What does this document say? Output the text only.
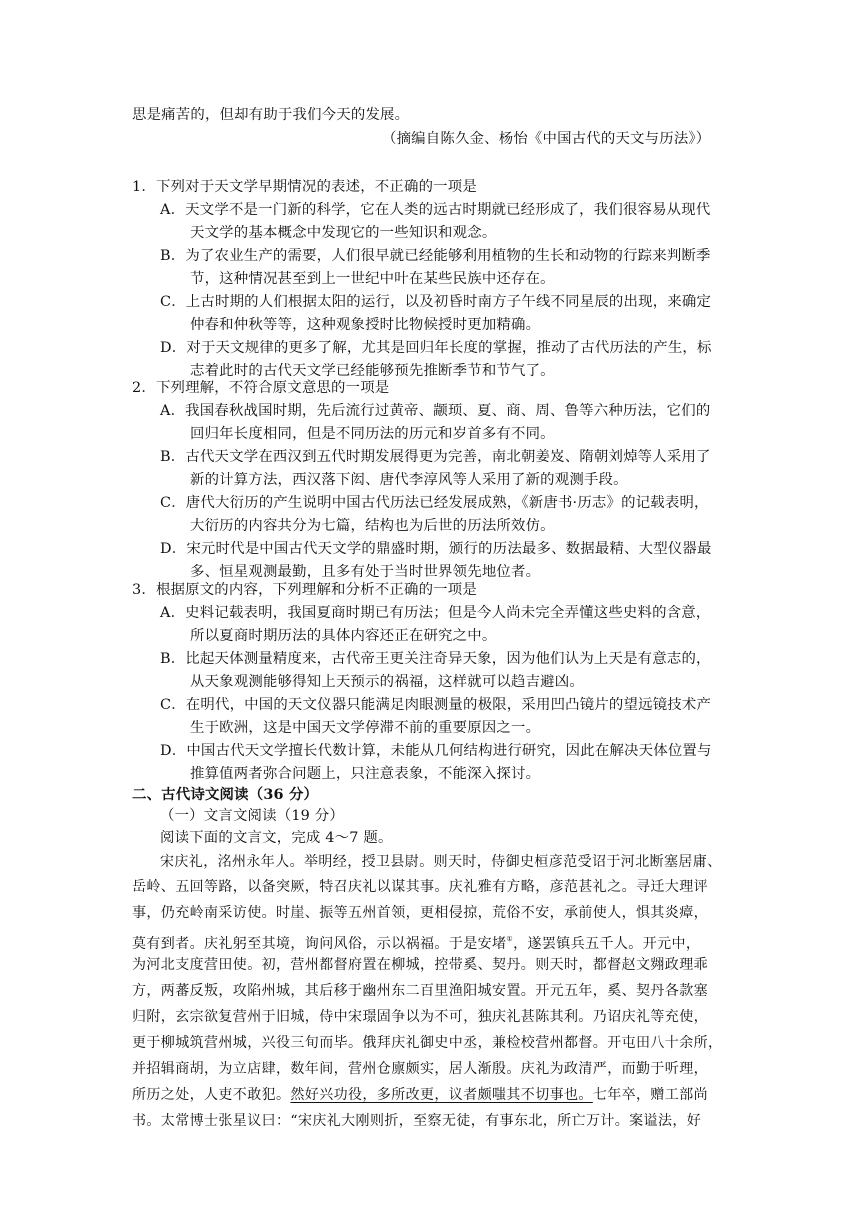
思是痛苦的，但却有助于我们今天的发展。
（摘编自陈久金、杨怡《中国古代的天文与历法》）
1．下列对于天文学早期情况的表述，不正确的一项是
A．天文学不是一门新的科学，它在人类的远古时期就已经形成了，我们很容易从现代
天文学的基本概念中发现它的一些知识和观念。
B．为了农业生产的需要，人们很早就已经能够利用植物的生长和动物的行踪来判断季
节，这种情况甚至到上一世纪中叶在某些民族中还存在。
C．上古时期的人们根据太阳的运行，以及初昏时南方子午线不同星辰的出现，来确定
仲春和仲秋等等，这种观象授时比物候授时更加精确。
D．对于天文规律的更多了解，尤其是回归年长度的掌握，推动了古代历法的产生，标
志着此时的古代天文学已经能够预先推断季节和节气了。
2．下列理解，不符合原文意思的一项是
A．我国春秋战国时期，先后流行过黄帝、颛顼、夏、商、周、鲁等六种历法，它们的
回归年长度相同，但是不同历法的历元和岁首多有不同。
B．古代天文学在西汉到五代时期发展得更为完善，南北朝姜岌、隋朝刘焯等人采用了
新的计算方法，西汉落下闳、唐代李淳风等人采用了新的观测手段。
C．唐代大衍历的产生说明中国古代历法已经发展成熟，《新唐书·历志》的记载表明，
大衍历的内容共分为七篇，结构也为后世的历法所效仿。
D．宋元时代是中国古代天文学的鼎盛时期，颁行的历法最多、数据最精、大型仪器最
多、恒星观测最勤，且多有处于当时世界领先地位者。
3．根据原文的内容，下列理解和分析不正确的一项是
A．史料记载表明，我国夏商时期已有历法；但是今人尚未完全弄懂这些史料的含意，
所以夏商时期历法的具体内容还正在研究之中。
B．比起天体测量精度来，古代帝王更关注奇异天象，因为他们认为上天是有意志的，
从天象观测能够得知上天预示的祸福，这样就可以趋吉避凶。
C．在明代，中国的天文仪器只能满足肉眼测量的极限，采用凹凸镜片的望远镜技术产
生于欧洲，这是中国天文学停滞不前的重要原因之一。
D．中国古代天文学擅长代数计算，未能从几何结构进行研究，因此在解决天体位置与
推算值两者弥合问题上，只注意表象，不能深入探讨。
二、古代诗文阅读（36 分）
（一）文言文阅读（19 分）
阅读下面的文言文，完成 4～7 题。
宋庆礼，洺州永年人。举明经，授卫县尉。则天时，侍御史桓彦范受诏于河北断塞居庸、
岳岭、五回等路，以备突厥，特召庆礼以谋其事。庆礼雅有方略，彦范甚礼之。寻迁大理评
事，仍充岭南采访使。时崖、振等五州首领，更相侵掠，荒俗不安，承前使人，惧其炎瘴，
莫有到者。庆礼躬至其境，询问风俗，示以祸福。于是安堵①，遂罢镇兵五千人。开元中，
为河北支度营田使。初，营州都督府置在柳城，控带奚、契丹。则天时，都督赵文翙政理乖
方，两蕃反叛，攻陷州城，其后移于幽州东二百里渔阳城安置。开元五年，奚、契丹各款塞
归附，玄宗欲复营州于旧城，侍中宋璟固争以为不可，独庆礼甚陈其利。乃诏庆礼等充使，
更于柳城筑营州城，兴役三旬而毕。俄拜庆礼御史中丞，兼检校营州都督。开屯田八十余所，
并招辑商胡，为立店肆，数年间，营州仓廪颇实，居人渐殷。庆礼为政清严，而勤于听理，
所历之处，人吏不敢犯。然好兴功役，多所改更，议者颇嗤其不切事也。七年卒，赠工部尚
书。太常博士张星议曰：“宋庆礼大刚则折，至察无徒，有事东北，所亡万计。案谥法，好
